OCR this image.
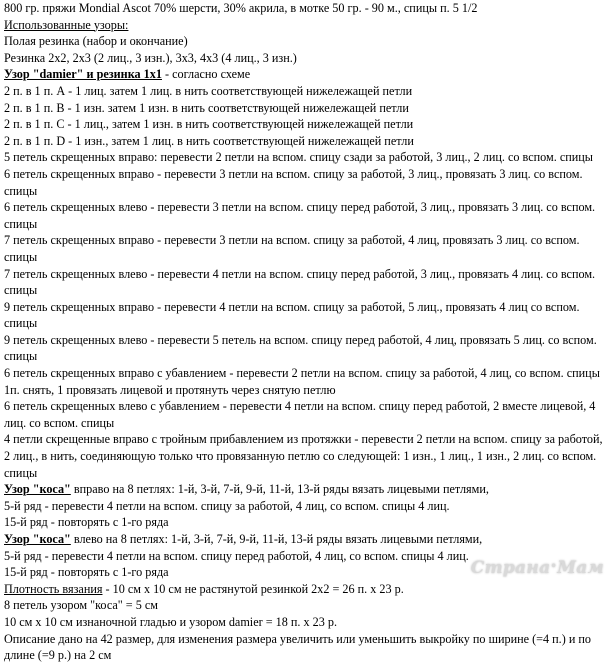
800 гр. пряжи Mondial Ascot 70% шерсти, 30% акрила, в мотке 50 гр. - 90 м., спицы п. 5 1/2
Использованные узоры:
Полая резинка (набор и окончание)
Резинка 2х2, 2х3 (2 лиц., 3 изн.), 3х3, 4х3 (4 лиц., 3 изн.)
Узор "damier" и резинка 1х1 - согласно схеме
2 п. в 1 п. А - 1 лиц. затем 1 лиц. в нить соответствующей нижележащей петли
2 п. в 1 п. В - 1 изн. затем 1 изн. в нить соответствующей нижележащей петли
2 п. в 1 п. С - 1 лиц., затем 1 изн. в нить соответствующей нижележащей петли
2 п. в 1 п. D - 1 изн., затем 1 лиц. в нить соответствующей нижележащей петли
5 петель скрещенных вправо: перевести 2 петли на вспом. спицу сзади за работой, 3 лиц., 2 лиц. со вспом. спицы
6 петель скрещенных вправо - перевести 3 петли на вспом. спицу за работой, 3 лиц., провязать 3 лиц. со вспом. спицы
6 петель скрещенных влево - перевести 3 петли на вспом. спицу перед работой, 3 лиц., провязать 3 лиц. со вспом. спицы
7 петель скрещенных вправо - перевести 3 петли на вспом. спицу за работой, 4 лиц, провязать 3 лиц. со вспом. спицы
7 петель скрещенных влево - перевести 4 петли на вспом. спицу перед работой, 3 лиц., провязать 4 лиц. со вспом. спицы
9 петель скрещенных вправо - перевести 4 петли на вспом. спицу за работой, 5 лиц., провязать 4 лиц со вспом. спицы
9 петель скрещенных влево - перевести 5 петель на вспом. спицу перед работой, 4 лиц, провязать 5 лиц. со вспом. спицы
6 петель скрещенных вправо с убавлением - перевести 2 петли на вспом. спицу за работой, 4 лиц, со вспом. спицы 1п. снять, 1 провязать лицевой и протянуть через снятую петлю
6 петель скрещенных влево с убавлением - перевести 4 петли на вспом. спицу перед работой, 2 вместе лицевой, 4 лиц. со вспом. спицы
4 петли скрещенные вправо с тройным прибавлением из протяжки - перевести 2 петли на вспом. спицу за работой, 2 лиц., в нить, соединяющую только что провязанную петлю со следующей: 1 изн., 1 лиц., 1 изн., 2 лиц. со вспом. спицы
Узор "коса" вправо на 8 петлях: 1-й, 3-й, 7-й, 9-й, 11-й, 13-й ряды вязать лицевыми петлями,
5-й ряд - перевести 4 петли на вспом. спицу за работой, 4 лиц, со вспом. спицы 4 лиц.
15-й ряд - повторять с 1-го ряда
Узор "коса" влево на 8 петлях: 1-й, 3-й, 7-й, 9-й, 11-й, 13-й ряды вязать лицевыми петлями,
5-й ряд - перевести 4 петли на вспом. спицу перед работой, 4 лиц, со вспом. спицы 4 лиц.
15-й ряд - повторять с 1-го ряда
Плотность вязания - 10 см х 10 см не растянутой резинкой 2х2 = 26 п. х 23 р.
8 петель узором "коса" = 5 см
10 см х 10 см изнаночной гладью и узором damier = 18 п. х 23 р.
Описание дано на 42 размер, для изменения размера увеличить или уменьшить выкройку по ширине (=4 п.) и по длине (=9 р.) на 2 см
Страна•Мам
